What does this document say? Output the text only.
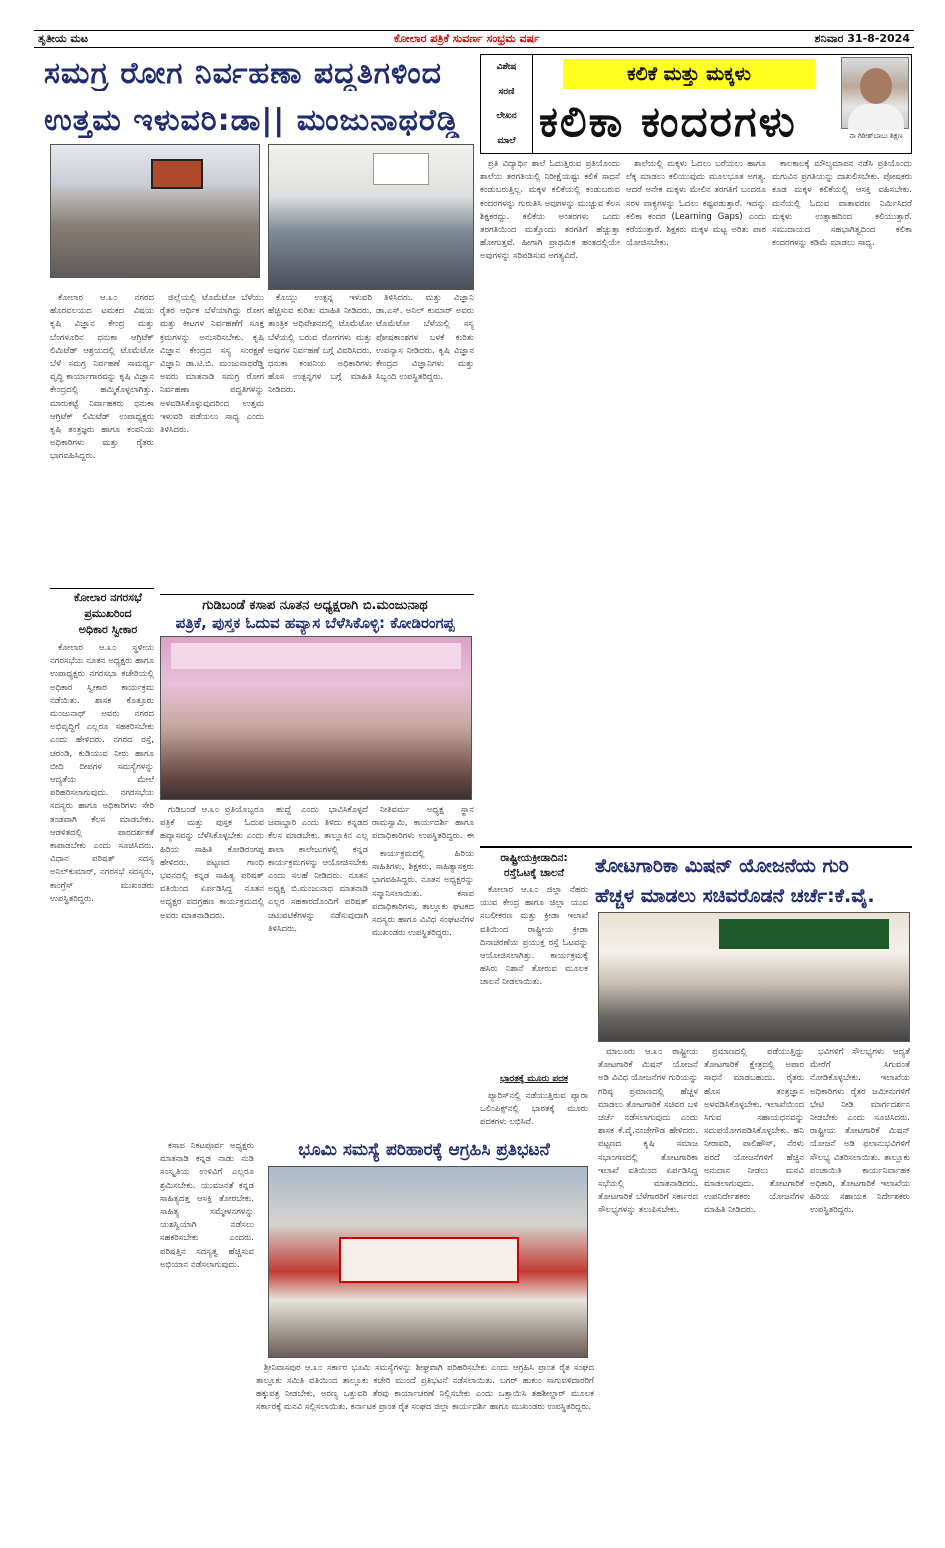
ತೃತೀಯ ಮಟ	ಕೋಲಾರ ಪತ್ರಿಕೆ ಸುವರ್ಣ ಸಂಭ್ರಮ ವರ್ಷ	ಶನಿವಾರ 31-8-2024
ಸಮಗ್ರ ರೋಗ ನಿರ್ವಹಣಾ ಪದ್ಧತಿಗಳಿಂದ
ಉತ್ತಮ ಇಳುವರಿ:ಡಾ|| ಮಂಜುನಾಥರೆಡ್ಡಿ
ವಿಶೇಷ
ಸರಣಿ
ಲೇಖನ
ಮಾಲೆ
ಕಲಿಕೆ ಮತ್ತು ಮಕ್ಕಳು
ಕಲಿಕಾ ಕಂದರಗಳು	ನಾ ಗಿರೀಶ್‌ಬಾಬು ಶಿಕ್ಷಣ

ಕೋಲಾರ ಆ.೩೦ ನಗರದ ಹೊರವಲಯದ ಟಮಕದ ವಿಷಯ ಕೃಷಿ ವಿಜ್ಞಾನ ಕೇಂದ್ರ ಮತ್ತು ಬೆಂಗಳೂರಿನ ಧನುಕಾ ಆಗ್ರಿಟೆಕ್ ಲಿಮಿಟೆಡ್ ಆಶ್ರಯದಲ್ಲಿ ಟೊಮೆಟೋ ಬೆಳೆ ಸಮಗ್ರ ನಿರ್ವಹಣೆ ಸಾಮರ್ಥ್ಯ ವೃದ್ಧಿ ಕಾರ್ಯಾಗಾರವನ್ನು ಕೃಷಿ ವಿಜ್ಞಾನ ಕೇಂದ್ರದಲ್ಲಿ ಹಮ್ಮಿಕೊಳ್ಳಲಾಗಿತ್ತು. ಮಾರುಕಟ್ಟೆ ನಿರ್ವಾಹಕರು ಧನುಕಾ ಆಗ್ರಿಟೆಕ್ ಲಿಮಿಟೆಡ್ ಉಪಾಧ್ಯಕ್ಷರು ಕೃಷಿ ತಂತ್ರಜ್ಞರು ಹಾಗೂ ಕಂಪನಿಯ ಅಧಿಕಾರಿಗಳು ಮತ್ತು ರೈತರು ಭಾಗವಹಿಸಿದ್ದರು.

ಜಿಲ್ಲೆಯಲ್ಲಿ ಟೊಮೆಟೋ ಬೆಳೆಯು ರೈತರ ಆರ್ಥಿಕ ಬೆಳೆಯಾಗಿದ್ದು ರೋಗ ಮತ್ತು ಕೀಟಗಳ ನಿರ್ವಹಣೆಗೆ ಸೂಕ್ತ ಕ್ರಮಗಳನ್ನು ಅನುಸರಿಸಬೇಕು. ಕೃಷಿ ವಿಜ್ಞಾನ ಕೇಂದ್ರದ ಸಸ್ಯ ಸಂರಕ್ಷಣೆ ವಿಜ್ಞಾನಿ ಡಾ.ಟಿ.ಬಿ. ಮಂಜುನಾಥರೆಡ್ಡಿ ಅವರು ಮಾತನಾಡಿ ಸಮಗ್ರ ರೋಗ ನಿರ್ವಹಣಾ ಪದ್ಧತಿಗಳನ್ನು ಅಳವಡಿಸಿಕೊಳ್ಳುವುದರಿಂದ ಉತ್ತಮ ಇಳುವರಿ ಪಡೆಯಲು ಸಾಧ್ಯ ಎಂದು ತಿಳಿಸಿದರು.

ಕೊಯ್ಲು ಉತ್ಪನ್ನ ಇಳುವರಿ ಹೆಚ್ಚಿಸುವ ಕುರಿತು ಮಾಹಿತಿ ನೀಡಿದರು. ತಾಂತ್ರಿಕ ಅಧಿವೇಶನದಲ್ಲಿ ಟೊಮೆಟೋ ಬೆಳೆಯಲ್ಲಿ ಬರುವ ರೋಗಗಳು ಮತ್ತು ಅವುಗಳ ನಿರ್ವಹಣೆ ಬಗ್ಗೆ ವಿವರಿಸಿದರು. ಧನುಕಾ ಕಂಪನಿಯ ಅಧಿಕಾರಿಗಳು ಹೊಸ ಉತ್ಪನ್ನಗಳ ಬಗ್ಗೆ ಮಾಹಿತಿ ನೀಡಿದರು.

ತಿಳಿಸಿದರು. ಮತ್ತು ವಿಜ್ಞಾನಿ ಡಾ.ಎಸ್. ಅನಿಲ್ ಕುಮಾರ್ ಅವರು ಟೊಮೆಟೋ ಬೆಳೆಯಲ್ಲಿ ಸಸ್ಯ ಪೋಷಕಾಂಶಗಳ ಬಳಕೆ ಕುರಿತು ಉಪನ್ಯಾಸ ನೀಡಿದರು. ಕೃಷಿ ವಿಜ್ಞಾನ ಕೇಂದ್ರದ ವಿಜ್ಞಾನಿಗಳು ಮತ್ತು ಸಿಬ್ಬಂದಿ ಉಪಸ್ಥಿತರಿದ್ದರು.

ಕೋಲಾರ ನಗರಸಭೆ
ಪ್ರಮುಖರಿಂದ
ಅಧಿಕಾರ ಸ್ವೀಕಾರ

ಕೋಲಾರ ಆ.೩೦ ಸ್ಥಳೀಯ ನಗರಸಭೆಯ ನೂತನ ಅಧ್ಯಕ್ಷರು ಹಾಗೂ ಉಪಾಧ್ಯಕ್ಷರು ನಗರಸಭಾ ಕಚೇರಿಯಲ್ಲಿ ಅಧಿಕಾರ ಸ್ವೀಕಾರ ಕಾರ್ಯಕ್ರಮ ನಡೆಯಿತು. ಶಾಸಕ ಕೊತ್ತೂರು ಮಂಜುನಾಥ್ ಅವರು ನಗರದ ಅಭಿವೃದ್ಧಿಗೆ ಎಲ್ಲರೂ ಸಹಕರಿಸಬೇಕು ಎಂದು ಹೇಳಿದರು. ನಗರದ ರಸ್ತೆ, ಚರಂಡಿ, ಕುಡಿಯುವ ನೀರು ಹಾಗೂ ಬೀದಿ ದೀಪಗಳ ಸಮಸ್ಯೆಗಳನ್ನು ಆದ್ಯತೆಯ ಮೇಲೆ ಪರಿಹರಿಸಲಾಗುವುದು. ನಗರಸಭೆಯ ಸದಸ್ಯರು ಹಾಗೂ ಅಧಿಕಾರಿಗಳು ಸೇರಿ ತಂಡವಾಗಿ ಕೆಲಸ ಮಾಡಬೇಕು. ಆಡಳಿತದಲ್ಲಿ ಪಾರದರ್ಶಕತೆ ಕಾಪಾಡಬೇಕು ಎಂದು ಸೂಚಿಸಿದರು. ವಿಧಾನ ಪರಿಷತ್ ಸದಸ್ಯ ಅನಿಲ್‌ಕುಮಾರ್, ನಗರಸಭೆ ಸದಸ್ಯರು, ಕಾಂಗ್ರೆಸ್ ಮುಖಂಡರು ಉಪಸ್ಥಿತರಿದ್ದರು.

ಗುಡಿಬಂಡೆ ಕಸಾಪ ನೂತನ ಅಧ್ಯಕ್ಷರಾಗಿ ಬಿ.ಮಂಜುನಾಥ
ಪತ್ರಿಕೆ, ಪುಸ್ತಕ ಓದುವ ಹವ್ಯಾಸ ಬೆಳೆಸಿಕೊಳ್ಳಿ: ಕೋಡಿರಂಗಪ್ಪ

ಗುಡಿಬಂಡೆ ಆ.೩೦ ಪ್ರತಿಯೊಬ್ಬರೂ ಪತ್ರಿಕೆ ಮತ್ತು ಪುಸ್ತಕ ಓದುವ ಹವ್ಯಾಸವನ್ನು ಬೆಳೆಸಿಕೊಳ್ಳಬೇಕು ಎಂದು ಹಿರಿಯ ಸಾಹಿತಿ ಕೋಡಿರಂಗಪ್ಪ ಹೇಳಿದರು. ಪಟ್ಟಣದ ಗಾಂಧಿ ಭವನದಲ್ಲಿ ಕನ್ನಡ ಸಾಹಿತ್ಯ ಪರಿಷತ್ ವತಿಯಿಂದ ಏರ್ಪಡಿಸಿದ್ದ ನೂತನ ಅಧ್ಯಕ್ಷರ ಪದಗ್ರಹಣ ಕಾರ್ಯಕ್ರಮದಲ್ಲಿ ಅವರು ಮಾತನಾಡಿದರು.

ಹುದ್ದೆ ಎಂದು ಭಾವಿಸಿಕೊಳ್ಳದೆ ಜವಾಬ್ದಾರಿ ಎಂದು ತಿಳಿದು ಕನ್ನಡದ ಕೆಲಸ ಮಾಡಬೇಕು. ತಾಲ್ಲೂಕಿನ ಎಲ್ಲ ಶಾಲಾ ಕಾಲೇಜುಗಳಲ್ಲಿ ಕನ್ನಡ ಕಾರ್ಯಕ್ರಮಗಳನ್ನು ಆಯೋಜಿಸಬೇಕು ಎಂದು ಸಲಹೆ ನೀಡಿದರು. ನೂತನ ಅಧ್ಯಕ್ಷ ಬಿ.ಮಂಜುನಾಥ ಮಾತನಾಡಿ ಎಲ್ಲರ ಸಹಕಾರದೊಂದಿಗೆ ಪರಿಷತ್ ಚಟುವಟಿಕೆಗಳನ್ನು ನಡೆಸುವುದಾಗಿ ತಿಳಿಸಿದರು.

ನೀತಿವರ್ಮ ಅಧ್ಯಕ್ಷ ಸ್ಥಾನ ರಾಮಸ್ವಾಮಿ, ಕಾರ್ಯದರ್ಶಿ ಹಾಗೂ ಪದಾಧಿಕಾರಿಗಳು ಉಪಸ್ಥಿತರಿದ್ದರು. ಈ

ಕಾರ್ಯಕ್ರಮದಲ್ಲಿ ಹಿರಿಯ ಸಾಹಿತಿಗಳು, ಶಿಕ್ಷಕರು, ಸಾಹಿತ್ಯಾಸಕ್ತರು ಭಾಗವಹಿಸಿದ್ದರು. ನೂತನ ಅಧ್ಯಕ್ಷರನ್ನು ಸನ್ಮಾನಿಸಲಾಯಿತು. ಕಸಾಪ ಪದಾಧಿಕಾರಿಗಳು, ತಾಲ್ಲೂಕು ಘಟಕದ ಸದಸ್ಯರು ಹಾಗೂ ವಿವಿಧ ಸಂಘಟನೆಗಳ ಮುಖಂಡರು ಉಪಸ್ಥಿತರಿದ್ದರು.

ಕಸಾಪ ನಿಕಟಪೂರ್ವ ಅಧ್ಯಕ್ಷರು ಮಾತನಾಡಿ ಕನ್ನಡ ನಾಡು ನುಡಿ ಸಂಸ್ಕೃತಿಯ ಉಳಿವಿಗೆ ಎಲ್ಲರೂ ಶ್ರಮಿಸಬೇಕು. ಯುವಜನತೆ ಕನ್ನಡ ಸಾಹಿತ್ಯದತ್ತ ಆಸಕ್ತಿ ತೋರಬೇಕು. ಸಾಹಿತ್ಯ ಸಮ್ಮೇಳನಗಳನ್ನು ಯಶಸ್ವಿಯಾಗಿ ನಡೆಸಲು ಸಹಕರಿಸಬೇಕು ಎಂದರು. ಪರಿಷತ್ತಿನ ಸದಸ್ಯತ್ವ ಹೆಚ್ಚಿಸುವ ಅಭಿಯಾನ ನಡೆಸಲಾಗುವುದು.

ಪ್ರತಿ ವಿದ್ಯಾರ್ಥಿ ಶಾಲೆ ಓದುತ್ತಿರುವ ಪ್ರತಿಯೊಂದು ಶಾಲೆಯ ತರಗತಿಯಲ್ಲಿ ನಿರೀಕ್ಷೆಯಷ್ಟು ಕಲಿಕೆ ಸಾಧನೆ ಕಂಡುಬರುತ್ತಿಲ್ಲ. ಮಕ್ಕಳ ಕಲಿಕೆಯಲ್ಲಿ ಕಂಡುಬರುವ ಕಂದರಗಳನ್ನು ಗುರುತಿಸಿ ಅವುಗಳನ್ನು ಮುಚ್ಚುವ ಕೆಲಸ ಶಿಕ್ಷಕರದ್ದು. ಕಲಿಕೆಯ ಅಂತರಗಳು ಒಂದು ತರಗತಿಯಿಂದ ಮತ್ತೊಂದು ತರಗತಿಗೆ ಹೆಚ್ಚುತ್ತಾ ಹೋಗುತ್ತವೆ. ಹೀಗಾಗಿ ಪ್ರಾಥಮಿಕ ಹಂತದಲ್ಲಿಯೇ ಅವುಗಳನ್ನು ಸರಿಪಡಿಸುವ ಅಗತ್ಯವಿದೆ.

ಶಾಲೆಯಲ್ಲಿ ಮಕ್ಕಳು ಓದಲು ಬರೆಯಲು ಹಾಗೂ ಲೆಕ್ಕ ಮಾಡಲು ಕಲಿಯುವುದು ಮೂಲಭೂತ ಅಗತ್ಯ. ಆದರೆ ಅನೇಕ ಮಕ್ಕಳು ಮೇಲಿನ ತರಗತಿಗೆ ಬಂದರೂ ಸರಳ ವಾಕ್ಯಗಳನ್ನು ಓದಲು ಕಷ್ಟಪಡುತ್ತಾರೆ. ಇದನ್ನು ಕಲಿಕಾ ಕಂದರ (Learning Gaps) ಎಂದು ಕರೆಯುತ್ತಾರೆ. ಶಿಕ್ಷಕರು ಮಕ್ಕಳ ಮಟ್ಟ ಅರಿತು ಪಾಠ ಯೋಜಿಸಬೇಕು.

ಕಾಲಕಾಲಕ್ಕೆ ಮೌಲ್ಯಮಾಪನ ನಡೆಸಿ ಪ್ರತಿಯೊಂದು ಮಗುವಿನ ಪ್ರಗತಿಯನ್ನು ದಾಖಲಿಸಬೇಕು. ಪೋಷಕರು ಕೂಡ ಮಕ್ಕಳ ಕಲಿಕೆಯಲ್ಲಿ ಆಸಕ್ತಿ ವಹಿಸಬೇಕು. ಮನೆಯಲ್ಲಿ ಓದುವ ವಾತಾವರಣ ನಿರ್ಮಿಸಿದರೆ ಮಕ್ಕಳು ಉತ್ಸಾಹದಿಂದ ಕಲಿಯುತ್ತಾರೆ. ಸಮುದಾಯದ ಸಹಭಾಗಿತ್ವದಿಂದ ಕಲಿಕಾ ಕಂದರಗಳನ್ನು ಕಡಿಮೆ ಮಾಡಲು ಸಾಧ್ಯ.

ರಾಷ್ಟ್ರೀಯಕ್ರೀಡಾದಿನ:
ರಸ್ತೆಓಟಕ್ಕೆ ಚಾಲನೆ

ಕೋಲಾರ ಆ.೩೦ ಜಿಲ್ಲಾ ನೆಹರು ಯುವ ಕೇಂದ್ರ ಹಾಗೂ ಜಿಲ್ಲಾ ಯುವ ಸಬಲೀಕರಣ ಮತ್ತು ಕ್ರೀಡಾ ಇಲಾಖೆ ವತಿಯಿಂದ ರಾಷ್ಟ್ರೀಯ ಕ್ರೀಡಾ ದಿನಾಚರಣೆಯ ಪ್ರಯುಕ್ತ ರಸ್ತೆ ಓಟವನ್ನು ಆಯೋಜಿಸಲಾಗಿತ್ತು. ಕಾರ್ಯಕ್ರಮಕ್ಕೆ ಹಸಿರು ನಿಶಾನೆ ತೋರುವ ಮೂಲಕ ಚಾಲನೆ ನೀಡಲಾಯಿತು.

ಭಾರತಕ್ಕೆ ಮೂರು ಪದಕ

ಪ್ಯಾರಿಸ್‌ನಲ್ಲಿ ನಡೆಯುತ್ತಿರುವ ಪ್ಯಾರಾ ಒಲಿಂಪಿಕ್ಸ್‌ನಲ್ಲಿ ಭಾರತಕ್ಕೆ ಮೂರು ಪದಕಗಳು ಲಭಿಸಿವೆ.

ತೋಟಗಾರಿಕಾ ಮಿಷನ್ ಯೋಜನೆಯ ಗುರಿ
ಹೆಚ್ಚಳ ಮಾಡಲು ಸಚಿವರೊಡನೆ ಚರ್ಚೆ:ಕೆ.ವೈ.

ಮಾಲೂರು ಆ.೩೦ ರಾಷ್ಟ್ರೀಯ ತೋಟಗಾರಿಕೆ ಮಿಷನ್ ಯೋಜನೆ ಅಡಿ ವಿವಿಧ ಯೋಜನೆಗಳ ಗುರಿಯನ್ನು ಗರಿಷ್ಠ ಪ್ರಮಾಣದಲ್ಲಿ ಹೆಚ್ಚಳ ಮಾಡಲು ತೋಟಗಾರಿಕೆ ಸಚಿವರ ಬಳಿ ಚರ್ಚೆ ನಡೆಸಲಾಗುವುದು ಎಂದು ಶಾಸಕ ಕೆ.ವೈ.ನಂಜೇಗೌಡ ಹೇಳಿದರು. ಪಟ್ಟಣದ ಕೃಷಿ ಸಮಾಜ ಸಭಾಂಗಣದಲ್ಲಿ ತೋಟಗಾರಿಕಾ ಇಲಾಖೆ ವತಿಯಿಂದ ಏರ್ಪಡಿಸಿದ್ದ ಸಭೆಯಲ್ಲಿ ಮಾತನಾಡಿದರು. ತೋಟಗಾರಿಕೆ ಬೆಳೆಗಾರರಿಗೆ ಸರ್ಕಾರದ ಸೌಲಭ್ಯಗಳನ್ನು ತಲುಪಿಸಬೇಕು.

ಪ್ರಮಾಣದಲ್ಲಿ ಪಡೆಯುತ್ತಿದ್ದು ತೋಟಗಾರಿಕೆ ಕ್ಷೇತ್ರದಲ್ಲಿ ಅಪಾರ ಸಾಧನೆ ಮಾಡಬಹುದು. ರೈತರು ಹೊಸ ತಂತ್ರಜ್ಞಾನ ಅಳವಡಿಸಿಕೊಳ್ಳಬೇಕು. ಇಲಾಖೆಯಿಂದ ಸಿಗುವ ಸಹಾಯಧನವನ್ನು ಸದುಪಯೋಗಪಡಿಸಿಕೊಳ್ಳಬೇಕು. ಹನಿ ನೀರಾವರಿ, ಪಾಲಿಹೌಸ್, ನೆರಳು ಪರದೆ ಯೋಜನೆಗಳಿಗೆ ಹೆಚ್ಚಿನ ಅನುದಾನ ನೀಡಲು ಮನವಿ ಮಾಡಲಾಗುವುದು. ತೋಟಗಾರಿಕೆ ಉಪನಿರ್ದೇಶಕರು ಯೋಜನೆಗಳ ಮಾಹಿತಿ ನೀಡಿದರು.

ಭವಿಗಳಿಗೆ ಸೌಲಭ್ಯಗಳು ಆದ್ಯತೆ ಮೇರೆಗೆ ಸಿಗುವಂತೆ ನೋಡಿಕೊಳ್ಳಬೇಕು. ಇಲಾಖೆಯ ಅಧಿಕಾರಿಗಳು ರೈತರ ಜಮೀನುಗಳಿಗೆ ಭೇಟಿ ನೀಡಿ ಮಾರ್ಗದರ್ಶನ ನೀಡಬೇಕು ಎಂದು ಸೂಚಿಸಿದರು. ರಾಷ್ಟ್ರೀಯ ತೋಟಗಾರಿಕೆ ಮಿಷನ್ ಯೋಜನೆ ಅಡಿ ಫಲಾನುಭವಿಗಳಿಗೆ ಸೌಲಭ್ಯ ವಿತರಿಸಲಾಯಿತು. ತಾಲ್ಲೂಕು ಪಂಚಾಯಿತಿ ಕಾರ್ಯನಿರ್ವಾಹಕ ಅಧಿಕಾರಿ, ತೋಟಗಾರಿಕೆ ಇಲಾಖೆಯ ಹಿರಿಯ ಸಹಾಯಕ ನಿರ್ದೇಶಕರು ಉಪಸ್ಥಿತರಿದ್ದರು.

ಭೂಮಿ ಸಮಸ್ಯೆ ಪರಿಹಾರಕ್ಕೆ ಆಗ್ರಹಿಸಿ ಪ್ರತಿಭಟನೆ

ಶ್ರೀನಿವಾಸಪುರ ಆ.೩೦ ಸರ್ಕಾರ ಭೂಮಿ ಸಮಸ್ಯೆಗಳನ್ನು ಶೀಘ್ರವಾಗಿ ಪರಿಹರಿಸಬೇಕು ಎಂದು ಆಗ್ರಹಿಸಿ ಪ್ರಾಂತ ರೈತ ಸಂಘದ ತಾಲ್ಲೂಕು ಸಮಿತಿ ವತಿಯಿಂದ ತಾಲ್ಲೂಕು ಕಚೇರಿ ಮುಂದೆ ಪ್ರತಿಭಟನೆ ನಡೆಸಲಾಯಿತು. ಬಗರ್ ಹುಕುಂ ಸಾಗುವಳಿದಾರರಿಗೆ ಹಕ್ಕುಪತ್ರ ನೀಡಬೇಕು, ಅರಣ್ಯ ಒತ್ತುವರಿ ತೆರವು ಕಾರ್ಯಾಚರಣೆ ನಿಲ್ಲಿಸಬೇಕು ಎಂದು ಒತ್ತಾಯಿಸಿ ತಹಶೀಲ್ದಾರ್ ಮೂಲಕ ಸರ್ಕಾರಕ್ಕೆ ಮನವಿ ಸಲ್ಲಿಸಲಾಯಿತು. ಕರ್ನಾಟಕ ಪ್ರಾಂತ ರೈತ ಸಂಘದ ಜಿಲ್ಲಾ ಕಾರ್ಯದರ್ಶಿ ಹಾಗೂ ಮುಖಂಡರು ಉಪಸ್ಥಿತರಿದ್ದರು.
